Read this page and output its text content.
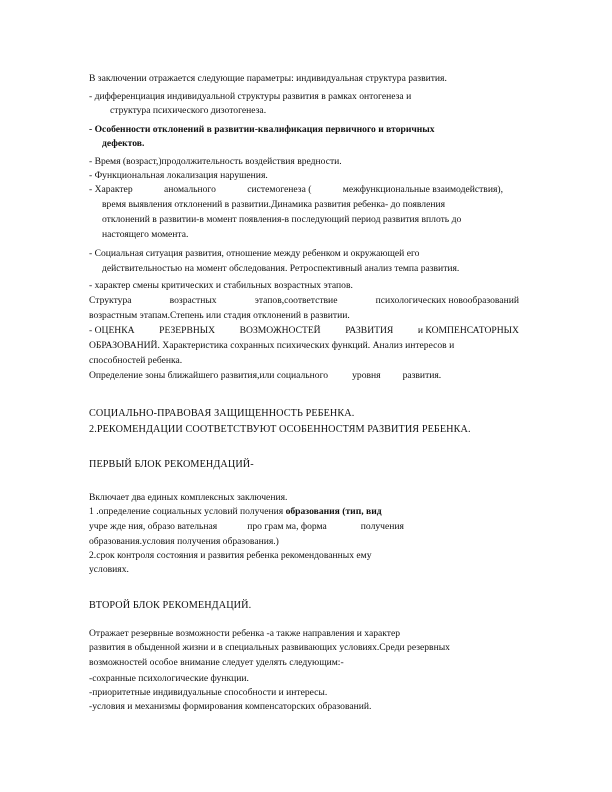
В заключении отражается следующие параметры: индивидуальная структура развития.
- дифференциация индивидуальной структуры развития в рамках онтогенеза и
структура психического дизотогенеза.
- Особенности отклонений в развитии-квалификация первичного и вторичных
дефектов.
- Время (возраст,)продолжительность воздействия вредности.
- Функциональная локализация нарушения.
- Характер	аномального	системогенеза (	межфункциональные взаимодействия),
время выявления отклонений в развитии.Динамика развития ребенка- до появления
отклонений в развитии-в момент появления-в последующий период развития вплоть до
настоящего момента.
- Социальная ситуация развития, отношение между ребенком и окружающей его
действительностью на момент обследования. Ретроспективный анализ темпа развития.
- характер смены критических и стабильных возрастных этапов.
Структура	возрастных	этапов,соответствие	психологических новообразований
возрастным этапам.Степень или стадия отклонений в развитии.
- ОЦЕНКА	РЕЗЕРВНЫХ	ВОЗМОЖНОСТЕЙ	РАЗВИТИЯ	и КОМПЕНСАТОРНЫХ
ОБРАЗОВАНИЙ. Характеристика сохранных психических функций. Анализ интересов и
способностей ребенка.
Определение зоны ближайшего развития,или социального	уровня развития.
СОЦИАЛЬНО-ПРАВОВАЯ ЗАЩИЩЕННОСТЬ РЕБЕНКА.
2.РЕКОМЕНДАЦИИ СООТВЕТСТВУЮТ ОСОБЕННОСТЯМ РАЗВИТИЯ РЕБЕНКА.
ПЕРВЫЙ БЛОК РЕКОМЕНДАЦИЙ-
Включает два единых комплексных заключения.
1 .определение социальных условий получения образования (тип, вид
учре жде ния, образо вательная	про грам ма, форма	получения
образования.условия получения образования.)
2.срок контроля состояния и развития ребенка рекомендованных ему
условиях.
ВТОРОЙ БЛОК РЕКОМЕНДАЦИЙ.
Отражает резервные возможности ребенка -а также направления и характер
развития в обыденной жизни и в специальных развивающих условиях.Среди резервных
возможностей особое внимание следует уделять следующим:-
-сохранные психологические функции.
-приоритетные индивидуальные способности и интересы.
-условия и механизмы формирования компенсаторских образований.
